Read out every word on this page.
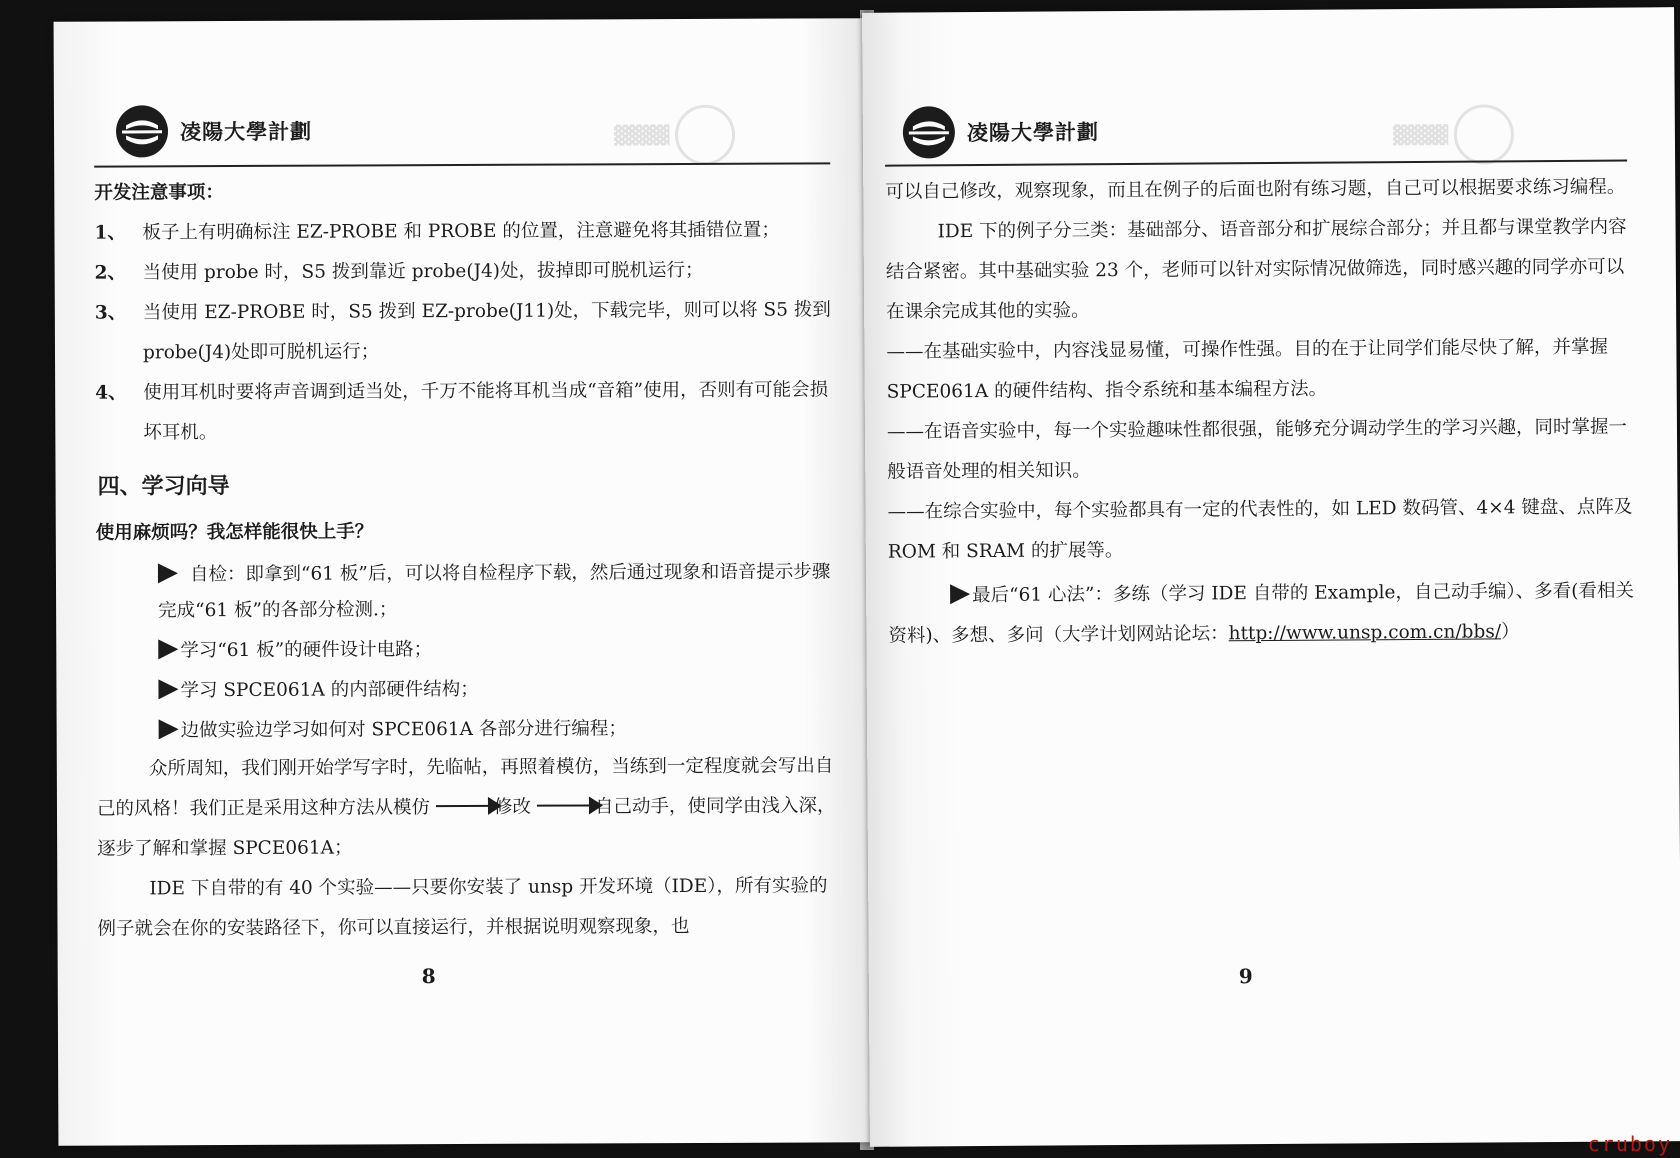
凌陽大學計劃	▓▓▓▓

开发注意事项：

1、 板子上有明确标注 EZ-PROBE 和 PROBE 的位置，注意避免将其插错位置；
2、 当使用 probe 时，S5 拨到靠近 probe(J4)处，拔掉即可脱机运行；
3、 当使用 EZ-PROBE 时，S5 拨到 EZ-probe(J11)处，下载完毕，则可以将 S5 拨到 probe(J4)处即可脱机运行；
4、 使用耳机时要将声音调到适当处，千万不能将耳机当成“音箱”使用，否则有可能会损坏耳机。
四、学习向导

使用麻烦吗？我怎样能很快上手？

自检：即拿到“61 板”后，可以将自检程序下载，然后通过现象和语音提示步骤完成“61 板”的各部分检测.；
学习“61 板”的硬件设计电路；
学习 SPCE061A 的内部硬件结构；
边做实验边学习如何对 SPCE061A 各部分进行编程；

众所周知，我们刚开始学写字时，先临帖，再照着模仿，当练到一定程度就会写出自己的风格！我们正是采用这种方法从模仿	修改	自己动手，使同学由浅入深，逐步了解和掌握 SPCE061A；

IDE 下自带的有 40 个实验——只要你安装了 unsp 开发环境（IDE），所有实验的例子就会在你的安装路径下，你可以直接运行，并根据说明观察现象，也

8
凌陽大學計劃	▓▓▓▓

可以自己修改，观察现象，而且在例子的后面也附有练习题，自己可以根据要求练习编程。

IDE 下的例子分三类：基础部分、语音部分和扩展综合部分；并且都与课堂教学内容结合紧密。其中基础实验 23 个，老师可以针对实际情况做筛选，同时感兴趣的同学亦可以在课余完成其他的实验。

——在基础实验中，内容浅显易懂，可操作性强。目的在于让同学们能尽快了解，并掌握 SPCE061A 的硬件结构、指令系统和基本编程方法。

——在语音实验中，每一个实验趣味性都很强，能够充分调动学生的学习兴趣，同时掌握一般语音处理的相关知识。

——在综合实验中，每个实验都具有一定的代表性的，如 LED 数码管、4×4 键盘、点阵及 ROM 和 SRAM 的扩展等。

最后“61 心法”：多练（学习 IDE 自带的 Example，自己动手编）、多看(看相关资料)、多想、多问（大学计划网站论坛：http://www.unsp.com.cn/bbs/）

9
cruboy
